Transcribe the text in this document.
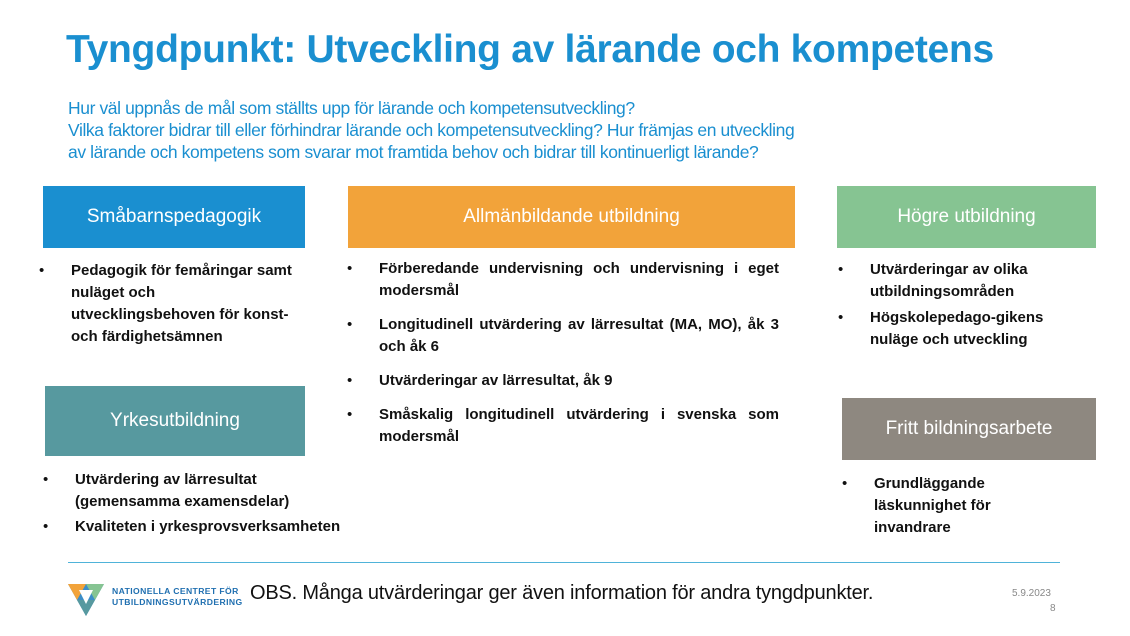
Tyngdpunkt: Utveckling av lärande och kompetens
Hur väl uppnås de mål som ställts upp för lärande och kompetensutveckling?
Vilka faktorer bidrar till eller förhindrar lärande och kompetensutveckling? Hur främjas en utveckling
av lärande och kompetens som svarar mot framtida behov och bidrar till kontinuerligt lärande?
Småbarnspedagogik
• Pedagogik för femåringar samt nuläget och utvecklingsbehoven för konst- och färdighetsämnen
Allmänbildande utbildning
• Förberedande undervisning och undervisning i eget modersmål
• Longitudinell utvärdering av lärresultat (MA, MO), åk 3 och åk 6
• Utvärderingar av lärresultat, åk 9
• Småskalig longitudinell utvärdering i svenska som modersmål
Högre utbildning
• Utvärderingar av olika utbildningsområden
• Högskolepedago-gikens nuläge och utveckling
Yrkesutbildning
• Utvärdering av lärresultat (gemensamma examensdelar)
• Kvaliteten i yrkesprovsverksamheten
Fritt bildningsarbete
• Grundläggande läskunnighet för invandrare
NATIONELLA CENTRET FÖR
UTBILDNINGSUTVÄRDERING OBS. Många utvärderingar ger även information för andra tyngdpunkter.	5.9.2023
8
